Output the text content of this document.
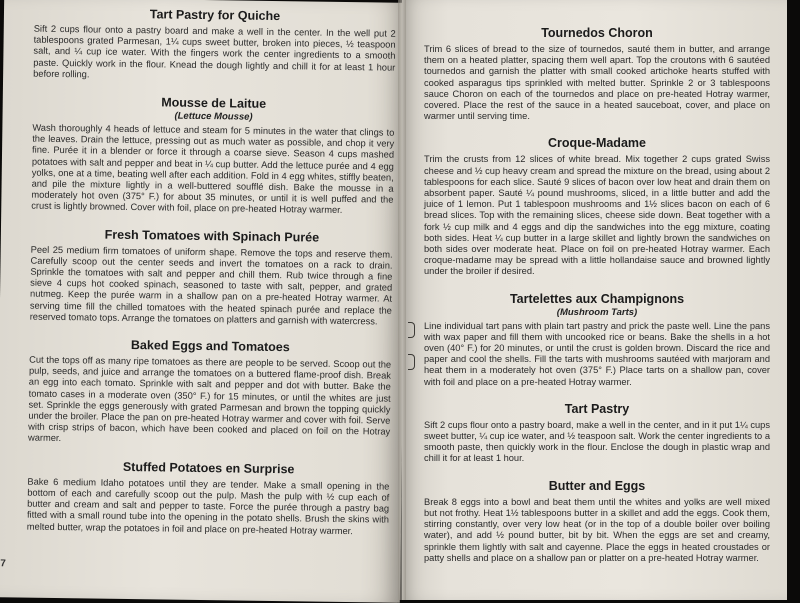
Tart Pastry for Quiche

Sift 2 cups flour onto a pastry board and make a well in the center. In the well put 2 tablespoons grated Parmesan, 1¼ cups sweet butter, broken into pieces, ½ teaspoon salt, and ¼ cup ice water. With the fingers work the center ingredients to a smooth paste. Quickly work in the flour. Knead the dough lightly and chill it for at least 1 hour before rolling.

Mousse de Laitue
(Lettuce Mousse)

Wash thoroughly 4 heads of lettuce and steam for 5 minutes in the water that clings to the leaves. Drain the lettuce, pressing out as much water as possible, and chop it very fine. Purée it in a blender or force it through a coarse sieve. Season 4 cups mashed potatoes with salt and pepper and beat in ¼ cup butter. Add the lettuce purée and 4 egg yolks, one at a time, beating well after each addition. Fold in 4 egg whites, stiffly beaten, and pile the mixture lightly in a well-buttered soufflé dish. Bake the mousse in a moderately hot oven (375° F.) for about 35 minutes, or until it is well puffed and the crust is lightly browned. Cover with foil, place on pre-heated Hotray warmer.

Fresh Tomatoes with Spinach Purée

Peel 25 medium firm tomatoes of uniform shape. Remove the tops and reserve them. Carefully scoop out the center seeds and invert the tomatoes on a rack to drain. Sprinkle the tomatoes with salt and pepper and chill them. Rub twice through a fine sieve 4 cups hot cooked spinach, seasoned to taste with salt, pepper, and grated nutmeg. Keep the purée warm in a shallow pan on a pre-heated Hotray warmer. At serving time fill the chilled tomatoes with the heated spinach purée and replace the reserved tomato tops. Arrange the tomatoes on platters and garnish with watercress.

Baked Eggs and Tomatoes

Cut the tops off as many ripe tomatoes as there are people to be served. Scoop out the pulp, seeds, and juice and arrange the tomatoes on a buttered flame-proof dish. Break an egg into each tomato. Sprinkle with salt and pepper and dot with butter. Bake the tomato cases in a moderate oven (350° F.) for 15 minutes, or until the whites are just set. Sprinkle the eggs generously with grated Parmesan and brown the topping quickly under the broiler. Place the pan on pre-heated Hotray warmer and cover with foil. Serve with crisp strips of bacon, which have been cooked and placed on foil on the Hotray warmer.

Stuffed Potatoes en Surprise

Bake 6 medium Idaho potatoes until they are tender. Make a small opening in the bottom of each and carefully scoop out the pulp. Mash the pulp with ½ cup each of butter and cream and salt and pepper to taste. Force the purée through a pastry bag fitted with a small round tube into the opening in the potato shells. Brush the skins with melted butter, wrap the potatoes in foil and place on pre-heated Hotray warmer.

7
Tournedos Choron

Trim 6 slices of bread to the size of tournedos, sauté them in butter, and arrange them on a heated platter, spacing them well apart. Top the croutons with 6 sautéed tournedos and garnish the platter with small cooked artichoke hearts stuffed with cooked asparagus tips sprinkled with melted butter. Sprinkle 2 or 3 tablespoons sauce Choron on each of the tournedos and place on pre-heated Hotray warmer, covered. Place the rest of the sauce in a heated sauceboat, cover, and place on warmer until serving time.

Croque-Madame

Trim the crusts from 12 slices of white bread. Mix together 2 cups grated Swiss cheese and ½ cup heavy cream and spread the mixture on the bread, using about 2 tablespoons for each slice. Sauté 9 slices of bacon over low heat and drain them on absorbent paper. Sauté ¼ pound mushrooms, sliced, in a little butter and add the juice of 1 lemon. Put 1 tablespoon mushrooms and 1½ slices bacon on each of 6 bread slices. Top with the remaining slices, cheese side down. Beat together with a fork ½ cup milk and 4 eggs and dip the sandwiches into the egg mixture, coating both sides. Heat ¼ cup butter in a large skillet and lightly brown the sandwiches on both sides over moderate heat. Place on foil on pre-heated Hotray warmer. Each croque-madame may be spread with a little hollandaise sauce and browned lightly under the broiler if desired.

Tartelettes aux Champignons
(Mushroom Tarts)

Line individual tart pans with plain tart pastry and prick the paste well. Line the pans with wax paper and fill them with uncooked rice or beans. Bake the shells in a hot oven (40° F.) for 20 minutes, or until the crust is golden brown. Discard the rice and paper and cool the shells. Fill the tarts with mushrooms sautéed with marjoram and heat them in a moderately hot oven (375° F.) Place tarts on a shallow pan, cover with foil and place on a pre-heated Hotray warmer.

Tart Pastry

Sift 2 cups flour onto a pastry board, make a well in the center, and in it put 1¼ cups sweet butter, ¼ cup ice water, and ½ teaspoon salt. Work the center ingredients to a smooth paste, then quickly work in the flour. Enclose the dough in plastic wrap and chill it for at least 1 hour.

Butter and Eggs

Break 8 eggs into a bowl and beat them until the whites and yolks are well mixed but not frothy. Heat 1½ tablespoons butter in a skillet and add the eggs. Cook them, stirring constantly, over very low heat (or in the top of a double boiler over boiling water), and add ½ pound butter, bit by bit. When the eggs are set and creamy, sprinkle them lightly with salt and cayenne. Place the eggs in heated croustades or patty shells and place on a shallow pan or platter on a pre-heated Hotray warmer.
